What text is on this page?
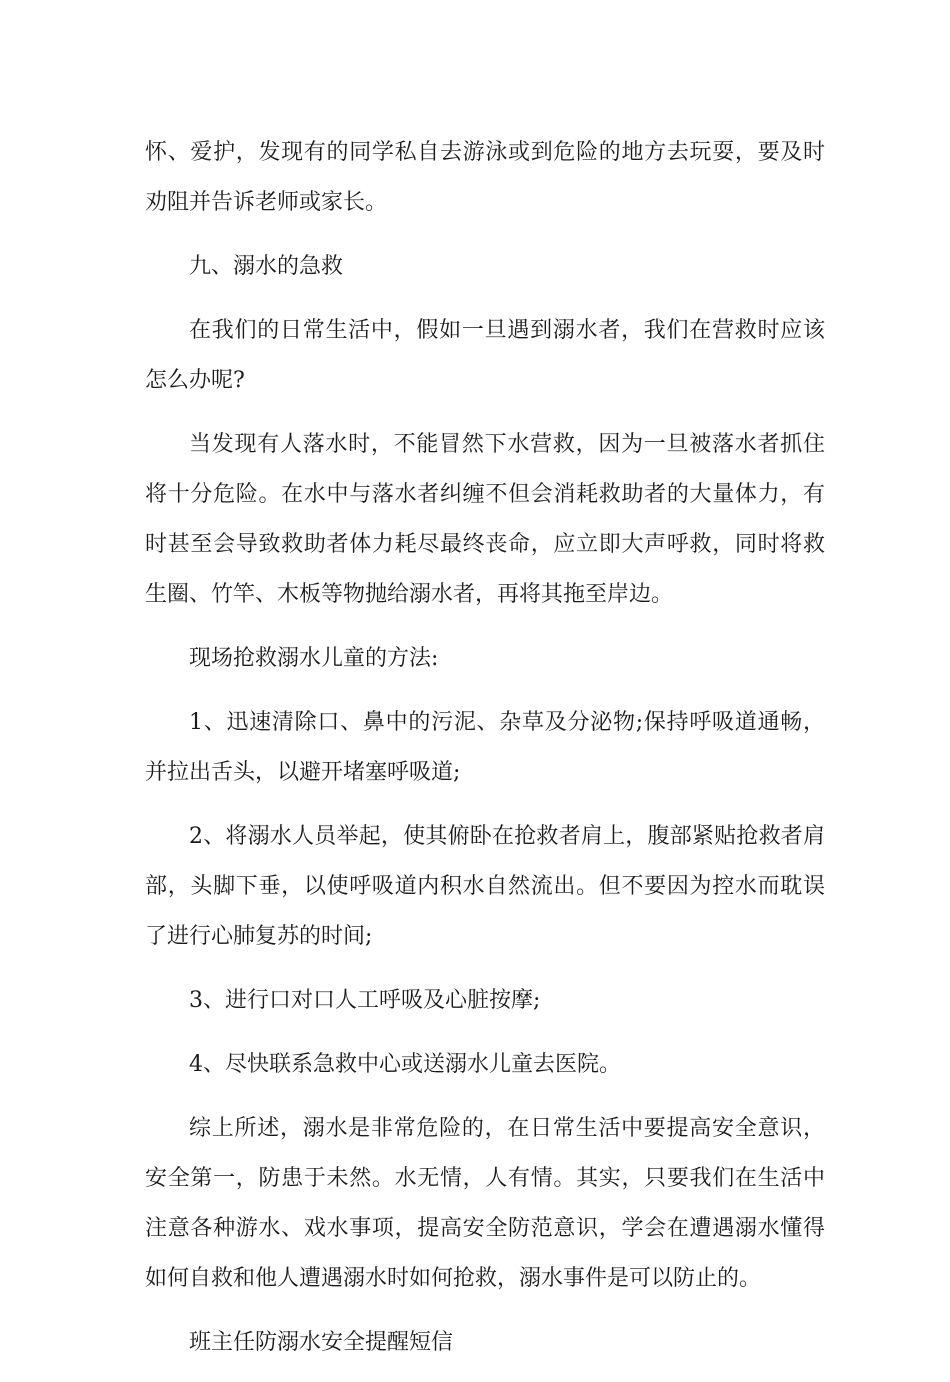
怀、爱护，发现有的同学私自去游泳或到危险的地方去玩耍，要及时劝阻并告诉老师或家长。

九、溺水的急救

在我们的日常生活中，假如一旦遇到溺水者，我们在营救时应该怎么办呢?

当发现有人落水时，不能冒然下水营救，因为一旦被落水者抓住将十分危险。在水中与落水者纠缠不但会消耗救助者的大量体力，有时甚至会导致救助者体力耗尽最终丧命，应立即大声呼救，同时将救生圈、竹竿、木板等物抛给溺水者，再将其拖至岸边。

现场抢救溺水儿童的方法:

1、迅速清除口、鼻中的污泥、杂草及分泌物;保持呼吸道通畅，并拉出舌头，以避开堵塞呼吸道;

2、将溺水人员举起，使其俯卧在抢救者肩上，腹部紧贴抢救者肩部，头脚下垂，以使呼吸道内积水自然流出。但不要因为控水而耽误了进行心肺复苏的时间;

3、进行口对口人工呼吸及心脏按摩;

4、尽快联系急救中心或送溺水儿童去医院。

综上所述，溺水是非常危险的，在日常生活中要提高安全意识，安全第一，防患于未然。水无情，人有情。其实，只要我们在生活中注意各种游水、戏水事项，提高安全防范意识，学会在遭遇溺水懂得如何自救和他人遭遇溺水时如何抢救，溺水事件是可以防止的。

班主任防溺水安全提醒短信
